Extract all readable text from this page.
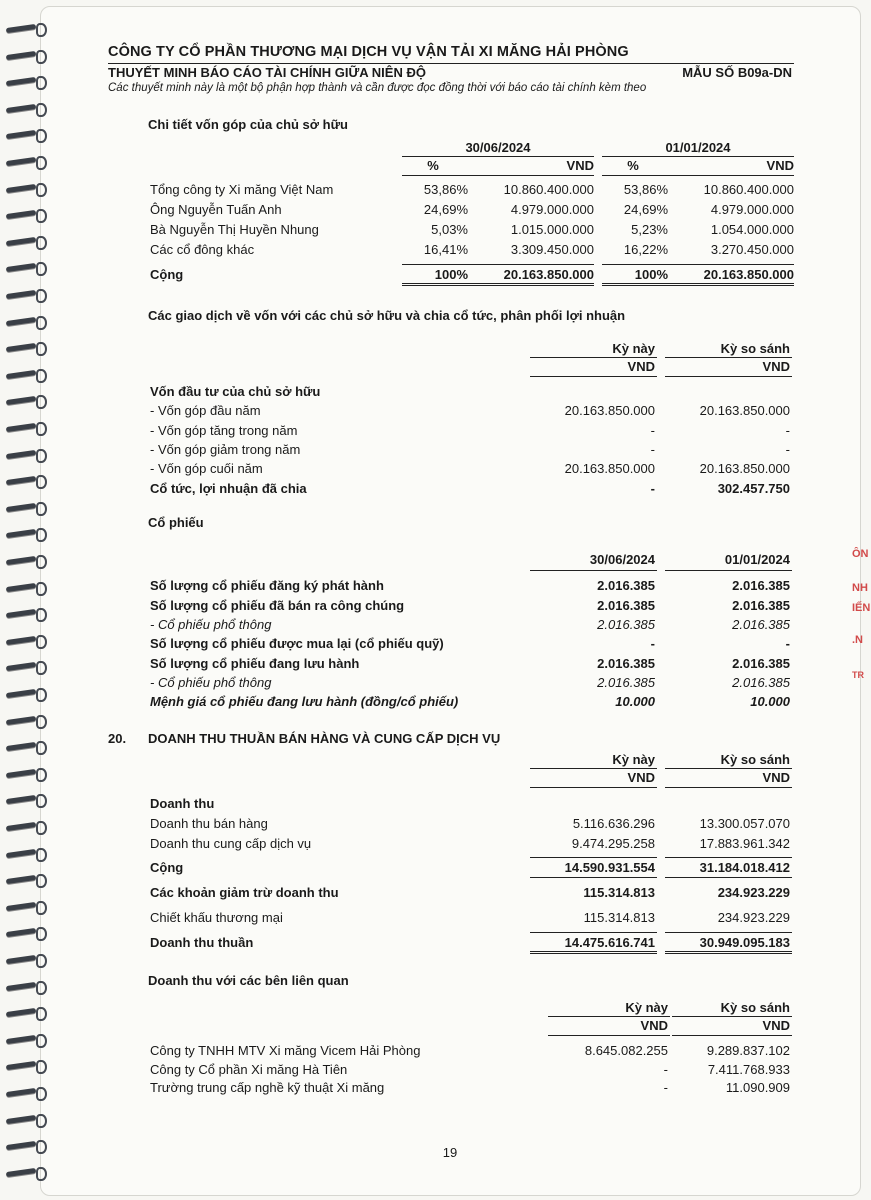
ÔN
NH
IẾN
.N
TR
CÔNG TY CỔ PHẦN THƯƠNG MẠI DỊCH VỤ VẬN TẢI XI MĂNG HẢI PHÒNG
THUYẾT MINH BÁO CÁO TÀI CHÍNH GIỮA NIÊN ĐỘ	MẪU SỐ B09a-DN
Các thuyết minh này là một bộ phận hợp thành và cần được đọc đồng thời với báo cáo tài chính kèm theo
Chi tiết vốn góp của chủ sở hữu
30/06/2024	01/01/2024
%	VND	%	VND
Tổng công ty Xi măng Việt Nam	53,86%	10.860.400.000	53,86%	10.860.400.000
Ông Nguyễn Tuấn Anh	24,69%	4.979.000.000	24,69%	4.979.000.000
Bà Nguyễn Thị Huyền Nhung	5,03%	1.015.000.000	5,23%	1.054.000.000
Các cổ đông khác	16,41%	3.309.450.000	16,22%	3.270.450.000
Cộng	100%	20.163.850.000	100%	20.163.850.000
Các giao dịch về vốn với các chủ sở hữu và chia cổ tức, phân phối lợi nhuận
Kỳ này	Kỳ so sánh
VND	VND
Vốn đầu tư của chủ sở hữu
- Vốn góp đầu năm	20.163.850.000	20.163.850.000
- Vốn góp tăng trong năm	-	-
- Vốn góp giảm trong năm	-	-
- Vốn góp cuối năm	20.163.850.000	20.163.850.000
Cổ tức, lợi nhuận đã chia	-	302.457.750
Cổ phiếu
30/06/2024	01/01/2024
Số lượng cổ phiếu đăng ký phát hành	2.016.385	2.016.385
Số lượng cổ phiếu đã bán ra công chúng	2.016.385	2.016.385
- Cổ phiếu phổ thông	2.016.385	2.016.385
Số lượng cổ phiếu được mua lại (cổ phiếu quỹ)	-	-
Số lượng cổ phiếu đang lưu hành	2.016.385	2.016.385
- Cổ phiếu phổ thông	2.016.385	2.016.385
Mệnh giá cổ phiếu đang lưu hành (đồng/cổ phiếu)	10.000	10.000
20. DOANH THU THUẦN BÁN HÀNG VÀ CUNG CẤP DỊCH VỤ
Kỳ này	Kỳ so sánh
VND	VND
Doanh thu
Doanh thu bán hàng	5.116.636.296	13.300.057.070
Doanh thu cung cấp dịch vụ	9.474.295.258	17.883.961.342
Cộng	14.590.931.554	31.184.018.412
Các khoản giảm trừ doanh thu	115.314.813	234.923.229
Chiết khấu thương mại	115.314.813	234.923.229
Doanh thu thuần	14.475.616.741	30.949.095.183
Doanh thu với các bên liên quan
Kỳ này	Kỳ so sánh
VND	VND
Công ty TNHH MTV Xi măng Vicem Hải Phòng	8.645.082.255	9.289.837.102
Công ty Cổ phần Xi măng Hà Tiên	-	7.411.768.933
Trường trung cấp nghề kỹ thuật Xi măng	-	11.090.909
19
